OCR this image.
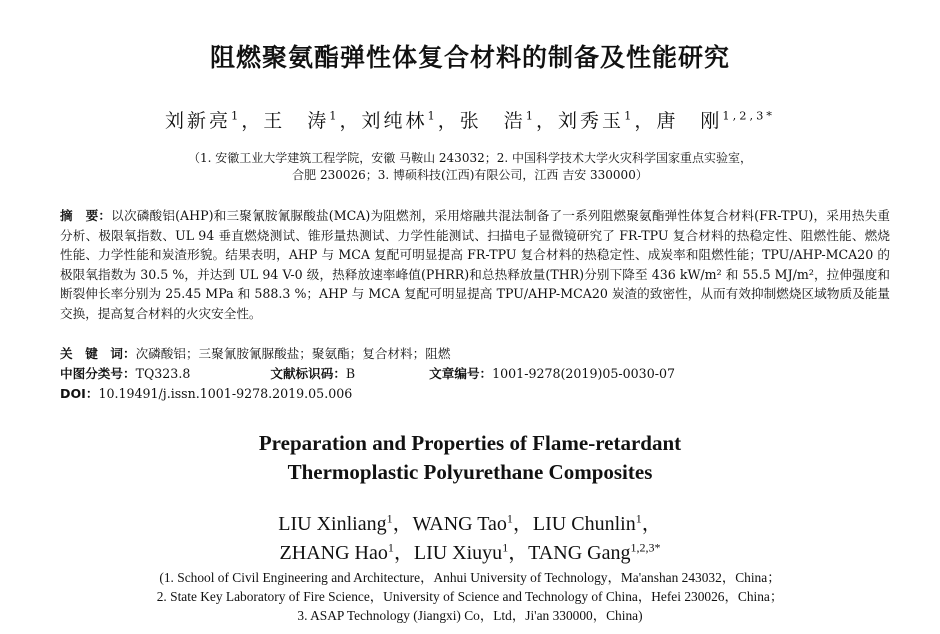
阻燃聚氨酯弹性体复合材料的制备及性能研究
刘新亮$^1$，王　涛$^1$，刘纯林$^1$，张　浩$^1$，刘秀玉$^1$，唐　刚$^{1,2,3*}$
（1. 安徽工业大学建筑工程学院，安徽 马鞍山 243032；2. 中国科学技术大学火灾科学国家重点实验室，
合肥 230026；3. 博硕科技(江西)有限公司，江西 吉安 330000）
摘　要：以次磷酸铝(AHP)和三聚氰胺氰脲酸盐(MCA)为阻燃剂，采用熔融共混法制备了一系列阻燃聚氨酯弹性体复合材料(FR-TPU)，采用热失重分析、极限氧指数、UL 94 垂直燃烧测试、锥形量热测试、力学性能测试、扫描电子显微镜研究了 FR-TPU 复合材料的热稳定性、阻燃性能、燃烧性能、力学性能和炭渣形貌。结果表明，AHP 与 MCA 复配可明显提高 FR-TPU 复合材料的热稳定性、成炭率和阻燃性能；TPU/AHP-MCA20 的极限氧指数为 30.5 %，并达到 UL 94 V-0 级，热释放速率峰值(PHRR)和总热释放量(THR)分别下降至 436 kW/m² 和 55.5 MJ/m²，拉伸强度和断裂伸长率分别为 25.45 MPa 和 588.3 %；AHP 与 MCA 复配可明显提高 TPU/AHP-MCA20 炭渣的致密性，从而有效抑制燃烧区域物质及能量交换，提高复合材料的火灾安全性。
关　键　词：次磷酸铝；三聚氰胺氰脲酸盐；聚氨酯；复合材料；阻燃
中图分类号：TQ323.8	文献标识码：B	文章编号：1001-9278(2019)05-0030-07
DOI：10.19491/j.issn.1001-9278.2019.05.006
Preparation and Properties of Flame-retardant
Thermoplastic Polyurethane Composites
LIU Xinliang$^1$，WANG Tao$^1$，LIU Chunlin$^1$，
ZHANG Hao$^1$，LIU Xiuyu$^1$，TANG Gang$^{1,2,3*}$
(1. School of Civil Engineering and Architecture，Anhui University of Technology，Ma'anshan 243032，China；
2. State Key Laboratory of Fire Science，University of Science and Technology of China，Hefei 230026，China；
3. ASAP Technology (Jiangxi) Co，Ltd，Ji'an 330000，China)
